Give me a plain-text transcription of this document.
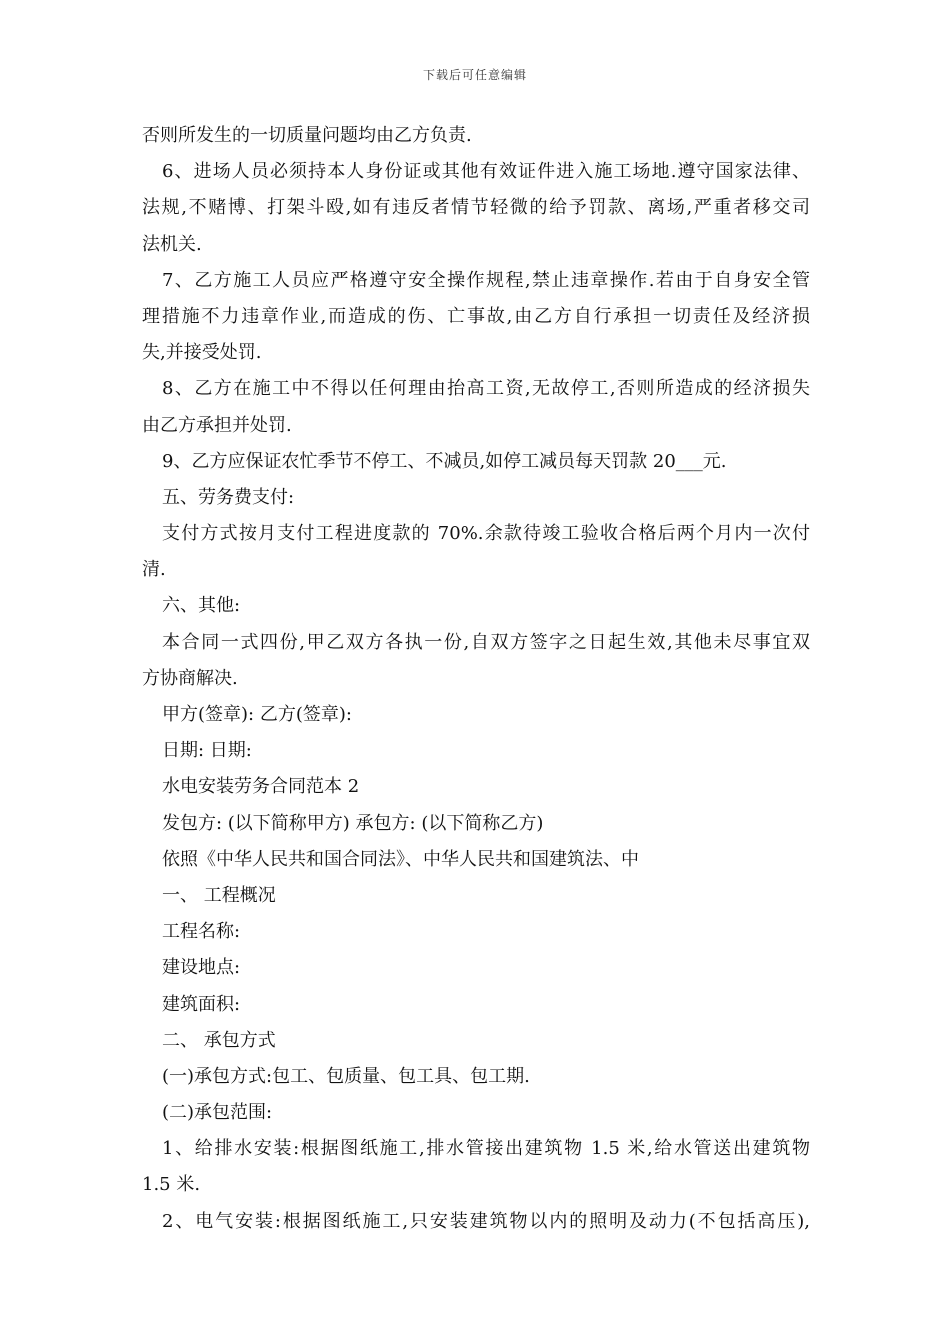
下载后可任意编辑
否则所发生的一切质量问题均由乙方负责.
6、进场人员必须持本人身份证或其他有效证件进入施工场地.遵守国家法律、
法规,不赌博、打架斗殴,如有违反者情节轻微的给予罚款、离场,严重者移交司
法机关.
7、乙方施工人员应严格遵守安全操作规程,禁止违章操作.若由于自身安全管
理措施不力违章作业,而造成的伤、亡事故,由乙方自行承担一切责任及经济损
失,并接受处罚.
8、乙方在施工中不得以任何理由抬高工资,无故停工,否则所造成的经济损失
由乙方承担并处罚.
9、乙方应保证农忙季节不停工、不减员,如停工减员每天罚款 20___元.
五、劳务费支付:
支付方式按月支付工程进度款的 70%.余款待竣工验收合格后两个月内一次付
清.
六、其他:
本合同一式四份,甲乙双方各执一份,自双方签字之日起生效,其他未尽事宜双
方协商解决.
甲方(签章): 乙方(签章):
日期: 日期:
水电安装劳务合同范本 2
发包方: (以下简称甲方) 承包方: (以下简称乙方)
依照《中华人民共和国合同法》、中华人民共和国建筑法、中
一、 工程概况
工程名称:
建设地点:
建筑面积:
二、 承包方式
(一)承包方式:包工、包质量、包工具、包工期.
(二)承包范围:
1、给排水安装:根据图纸施工,排水管接出建筑物 1.5 米,给水管送出建筑物
1.5 米.
2、电气安装:根据图纸施工,只安装建筑物以内的照明及动力(不包括高压),
